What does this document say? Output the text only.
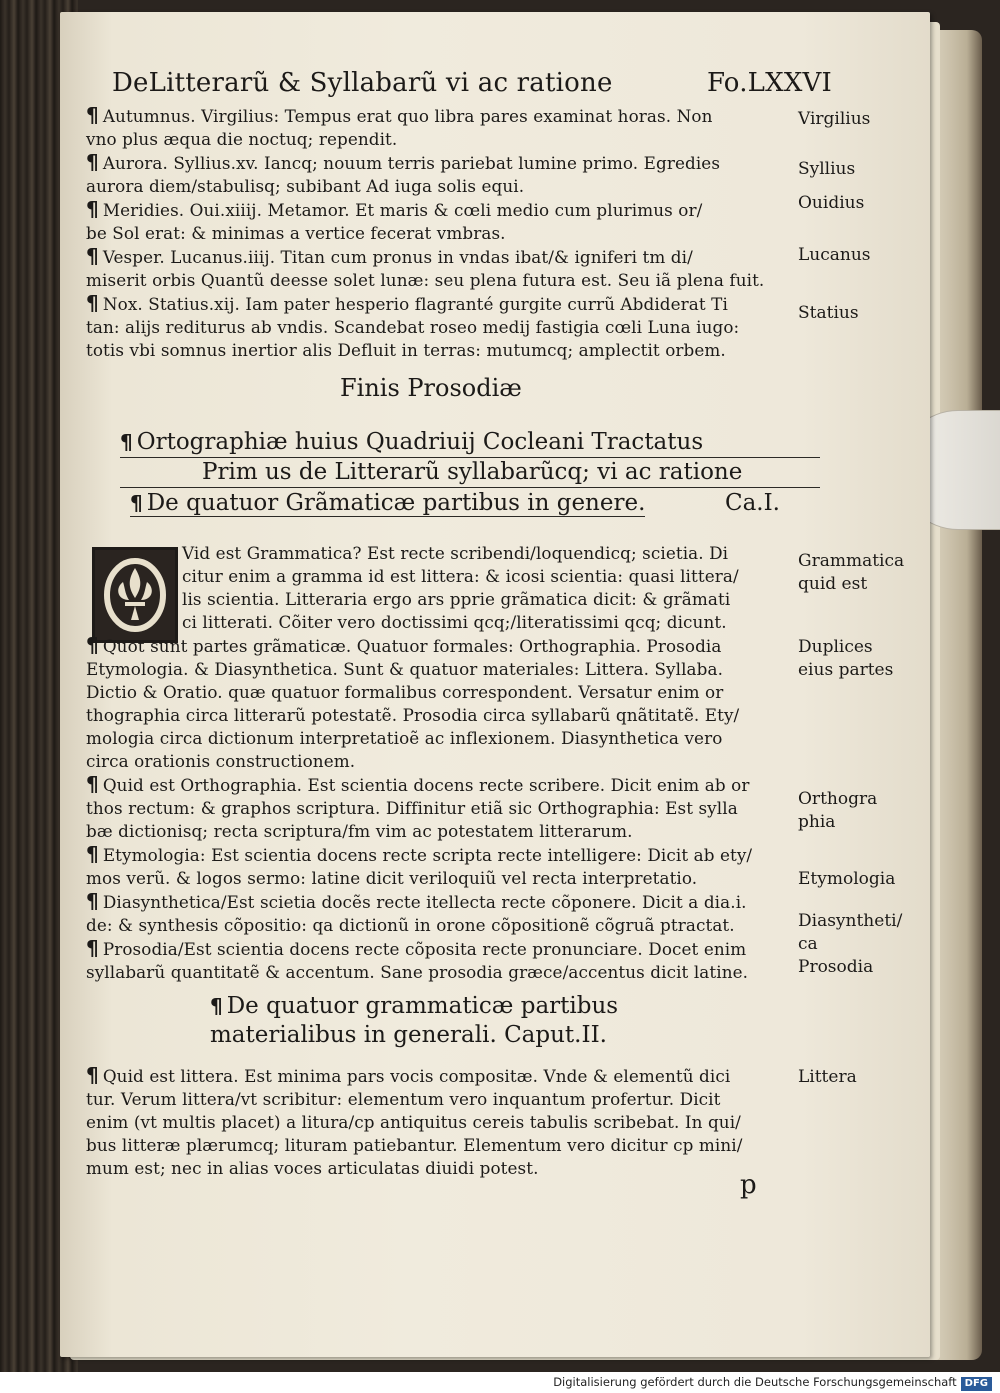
DeLitterarũ & Syllabarũ vi ac ratione	Fo.LXXVI

¶ Autumnus. Virgilius: Tempus erat quo libra pares examinat horas. Non

vno plus æqua die noctuq; rependit.

¶ Aurora. Syllius.xv. Iancq; nouum terris pariebat lumine primo. Egredies

aurora diem/stabulisq; subibant Ad iuga solis equi.

¶ Meridies. Oui.xiiij. Metamor. Et maris & cœli medio cum plurimus or/

be Sol erat: & minimas a vertice fecerat vmbras.

¶ Vesper. Lucanus.iiij. Titan cum pronus in vndas ibat/& igniferi tm di/

miserit orbis Quantũ deesse solet lunæ: seu plena futura est. Seu iã plena fuit.

¶ Nox. Statius.xij. Iam pater hesperio flagranté gurgite currũ Abdiderat Ti

tan: alijs rediturus ab vndis. Scandebat roseo medij fastigia cœli Luna iugo:

totis vbi somnus inertior alis Defluit in terras: mutumcq; amplectit orbem.

Virgilius
Syllius
Ouidius
Lucanus
Statius
Finis Prosodiæ
¶ Ortographiæ huius Quadriuij Cocleani Tractatus
Prim us de Litterarũ syllabarũcq; vi ac ratione
¶ De quatuor Grãmaticæ partibus in genere.	Ca.I.

Vid est Grammatica? Est recte scribendi/loquendicq; scietia. Di

citur enim a gramma id est littera: & icosi scientia: quasi littera/

lis scientia. Litteraria ergo ars pprie grãmatica dicit: & grãmati

ci litterati. Cõiter vero doctissimi qcq;/literatissimi qcq; dicunt.

¶ Quot sunt partes grãmaticæ. Quatuor formales: Orthographia. Prosodia

Etymologia. & Diasynthetica. Sunt & quatuor materiales: Littera. Syllaba.

Dictio & Oratio. quæ quatuor formalibus correspondent. Versatur enim or

thographia circa litterarũ potestatẽ. Prosodia circa syllabarũ qnãtitatẽ. Ety/

mologia circa dictionum interpretatioẽ ac inflexionem. Diasynthetica vero

circa orationis constructionem.

¶ Quid est Orthographia. Est scientia docens recte scribere. Dicit enim ab or

thos rectum: & graphos scriptura. Diffinitur etiã sic Orthographia: Est sylla

bæ dictionisq; recta scriptura/fm vim ac potestatem litterarum.

¶ Etymologia: Est scientia docens recte scripta recte intelligere: Dicit ab ety/

mos verũ. & logos sermo: latine dicit veriloquiũ vel recta interpretatio.

¶ Diasynthetica/Est scietia docẽs recte itellecta recte cõponere. Dicit a dia.i.

de: & synthesis cõpositio: qa dictionũ in orone cõpositionẽ cõgruã ptractat.

¶ Prosodia/Est scientia docens recte cõposita recte pronunciare. Docet enim

syllabarũ quantitatẽ & accentum. Sane prosodia græce/accentus dicit latine.

Grammatica
quid est
Duplices
eius partes
Orthogra
phia
Etymologia
Diasyntheti/
ca
Prosodia
¶ De quatuor grammaticæ partibus
materialibus in generali. Caput.II.

¶ Quid est littera. Est minima pars vocis compositæ. Vnde & elementũ dici

tur. Verum littera/vt scribitur: elementum vero inquantum profertur. Dicit

enim (vt multis placet) a litura/cp antiquitus cereis tabulis scribebat. In qui/

bus litteræ plærumcq; lituram patiebantur. Elementum vero dicitur cp mini/

mum est; nec in alias voces articulatas diuidi potest.

Littera
p
Digitalisierung gefördert durch die Deutsche Forschungsgemeinschaft DFG
